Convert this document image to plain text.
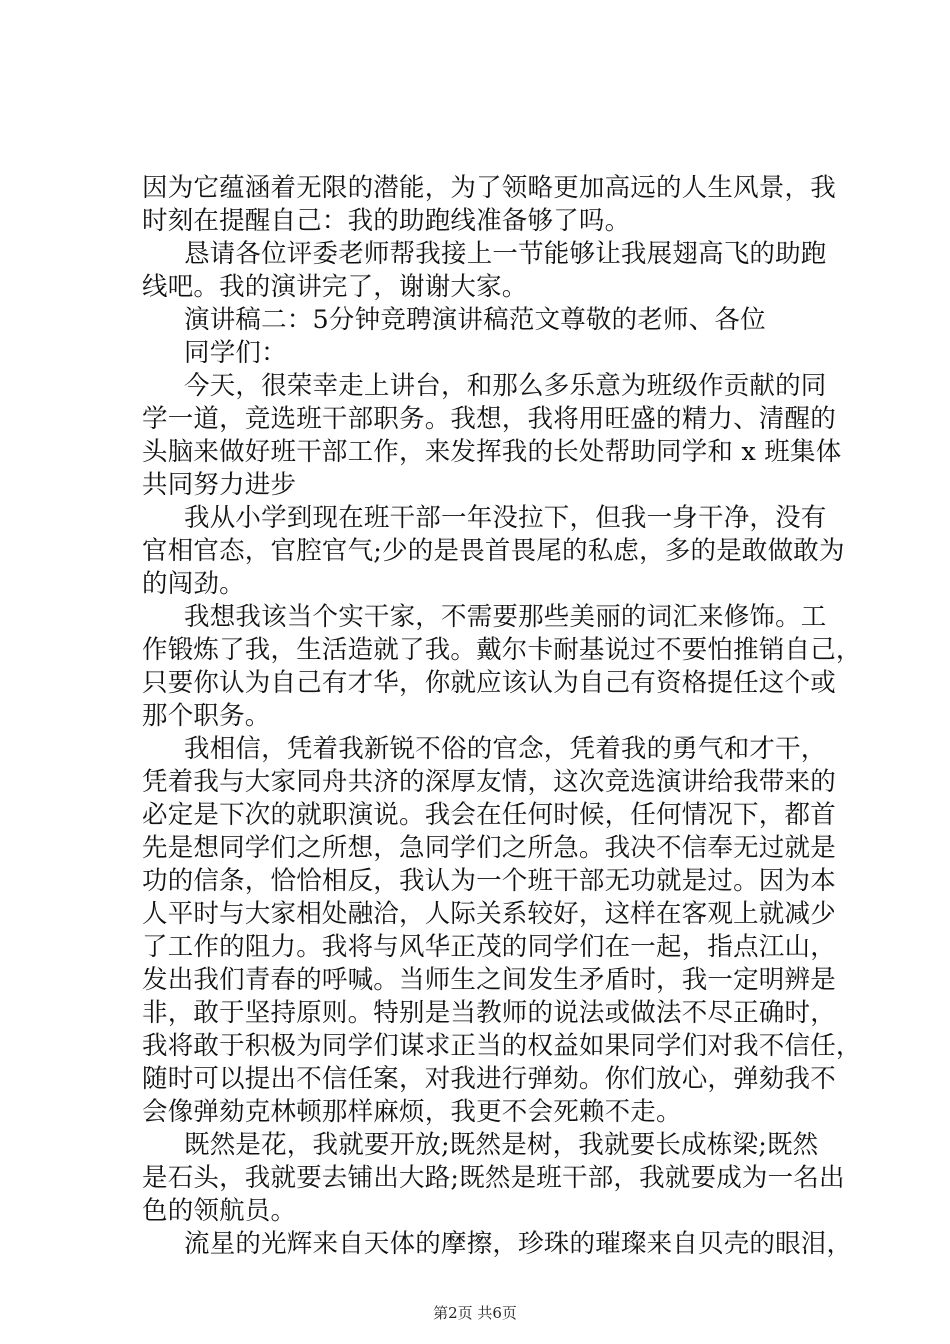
因为它蕴涵着无限的潜能，为了领略更加高远的人生风景，我
时刻在提醒自己：我的助跑线准备够了吗。
恳请各位评委老师帮我接上一节能够让我展翅高飞的助跑
线吧。我的演讲完了，谢谢大家。
演讲稿二：5分钟竞聘演讲稿范文尊敬的老师、各位
同学们：
今天，很荣幸走上讲台，和那么多乐意为班级作贡献的同
学一道，竞选班干部职务。我想，我将用旺盛的精力、清醒的
头脑来做好班干部工作，来发挥我的长处帮助同学和 x 班集体
共同努力进步
我从小学到现在班干部一年没拉下，但我一身干净，没有
官相官态，官腔官气;少的是畏首畏尾的私虑，多的是敢做敢为
的闯劲。
我想我该当个实干家，不需要那些美丽的词汇来修饰。工
作锻炼了我，生活造就了我。戴尔卡耐基说过不要怕推销自己，
只要你认为自己有才华，你就应该认为自己有资格提任这个或
那个职务。
我相信，凭着我新锐不俗的官念，凭着我的勇气和才干，
凭着我与大家同舟共济的深厚友情，这次竞选演讲给我带来的
必定是下次的就职演说。我会在任何时候，任何情况下，都首
先是想同学们之所想，急同学们之所急。我决不信奉无过就是
功的信条，恰恰相反，我认为一个班干部无功就是过。因为本
人平时与大家相处融洽，人际关系较好，这样在客观上就减少
了工作的阻力。我将与风华正茂的同学们在一起，指点江山，
发出我们青春的呼喊。当师生之间发生矛盾时，我一定明辨是
非，敢于坚持原则。特别是当教师的说法或做法不尽正确时，
我将敢于积极为同学们谋求正当的权益如果同学们对我不信任，
随时可以提出不信任案，对我进行弹劾。你们放心，弹劾我不
会像弹劾克林顿那样麻烦，我更不会死赖不走。
既然是花，我就要开放;既然是树，我就要长成栋梁;既然
是石头，我就要去铺出大路;既然是班干部，我就要成为一名出
色的领航员。
流星的光辉来自天体的摩擦，珍珠的璀璨来自贝壳的眼泪，
第2页 共6页
